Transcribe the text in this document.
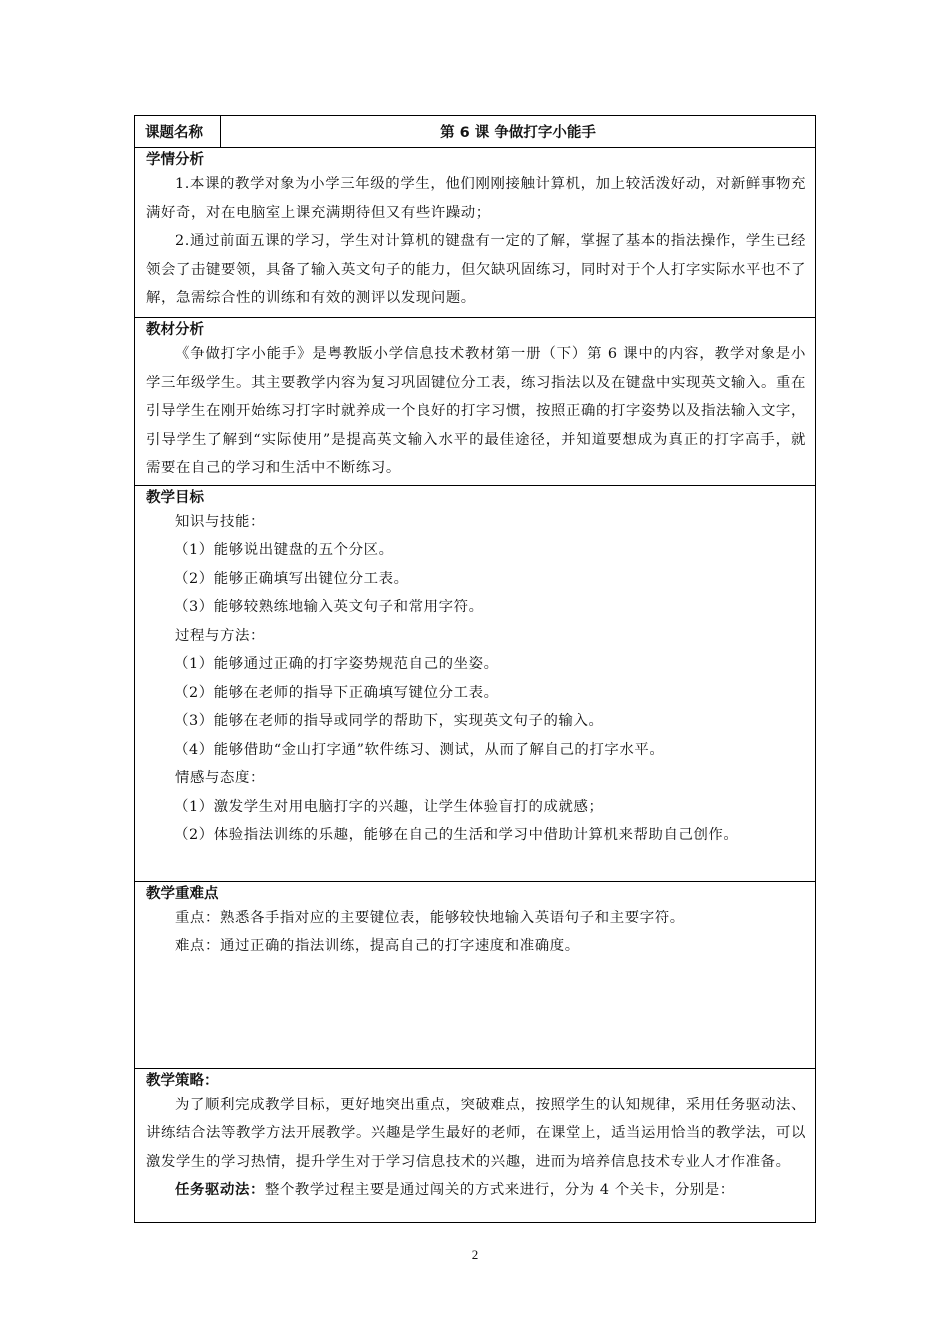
课题名称	第 6 课 争做打字小能手

学情分析

1.本课的教学对象为小学三年级的学生，他们刚刚接触计算机，加上较活泼好动，对新鲜事物充满好奇，对在电脑室上课充满期待但又有些许躁动；

2.通过前面五课的学习，学生对计算机的键盘有一定的了解，掌握了基本的指法操作，学生已经领会了击键要领，具备了输入英文句子的能力，但欠缺巩固练习，同时对于个人打字实际水平也不了解，急需综合性的训练和有效的测评以发现问题。

教材分析

《争做打字小能手》是粤教版小学信息技术教材第一册（下）第 6 课中的内容，教学对象是小学三年级学生。其主要教学内容为复习巩固键位分工表，练习指法以及在键盘中实现英文输入。重在引导学生在刚开始练习打字时就养成一个良好的打字习惯，按照正确的打字姿势以及指法输入文字，引导学生了解到“实际使用”是提高英文输入水平的最佳途径，并知道要想成为真正的打字高手，就需要在自己的学习和生活中不断练习。

教学目标

知识与技能：

（1）能够说出键盘的五个分区。

（2）能够正确填写出键位分工表。

（3）能够较熟练地输入英文句子和常用字符。

过程与方法：

（1）能够通过正确的打字姿势规范自己的坐姿。

（2）能够在老师的指导下正确填写键位分工表。

（3）能够在老师的指导或同学的帮助下，实现英文句子的输入。

（4）能够借助“金山打字通”软件练习、测试，从而了解自己的打字水平。

情感与态度：

（1）激发学生对用电脑打字的兴趣，让学生体验盲打的成就感；

（2）体验指法训练的乐趣，能够在自己的生活和学习中借助计算机来帮助自己创作。

教学重难点

重点：熟悉各手指对应的主要键位表，能够较快地输入英语句子和主要字符。

难点：通过正确的指法训练，提高自己的打字速度和准确度。

教学策略：

为了顺利完成教学目标，更好地突出重点，突破难点，按照学生的认知规律，采用任务驱动法、讲练结合法等教学方法开展教学。兴趣是学生最好的老师，在课堂上，适当运用恰当的教学法，可以激发学生的学习热情，提升学生对于学习信息技术的兴趣，进而为培养信息技术专业人才作准备。

任务驱动法：整个教学过程主要是通过闯关的方式来进行，分为 4 个关卡，分别是：

2
